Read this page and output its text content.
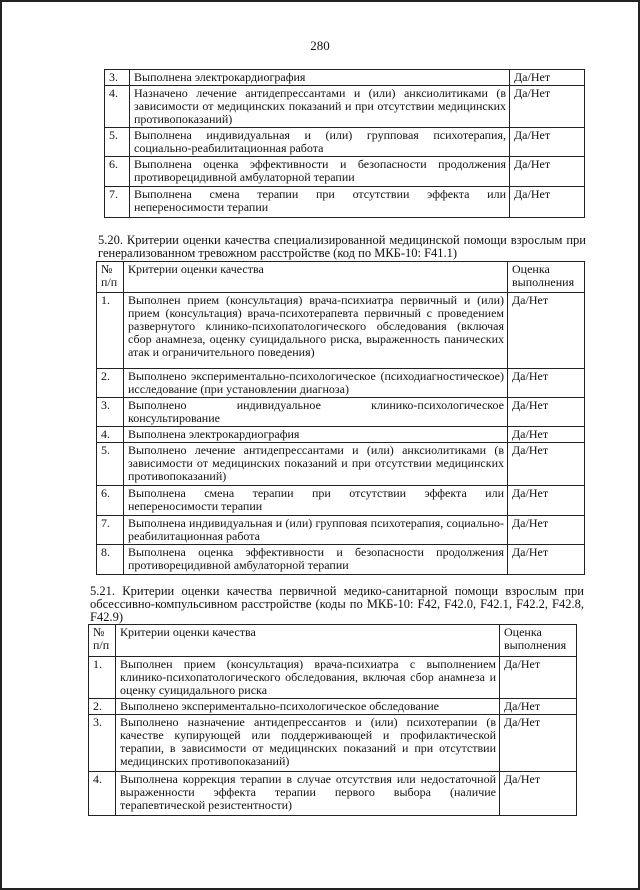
280
3.	Выполнена электрокардиография	Да/Нет
4.	Назначено лечение антидепрессантами и (или) анксиолитиками (в зависимости от медицинских показаний и при отсутствии медицинских противопоказаний)	Да/Нет
5.	Выполнена индивидуальная и (или) групповая психотерапия, социально-реабилитационная работа	Да/Нет
6.	Выполнена оценка эффективности и безопасности продолжения противорецидивной амбулаторной терапии	Да/Нет
7.	Выполнена смена терапии при отсутствии эффекта или непереносимости терапии	Да/Нет
5.20. Критерии оценки качества специализированной медицинской помощи взрослым при генерализованном тревожном расстройстве (код по МКБ-10: F41.1)
№ п/п	Критерии оценки качества	Оценка выполнения
1.	Выполнен прием (консультация) врача-психиатра первичный и (или) прием (консультация) врача-психотерапевта первичный с проведением развернутого клинико-психопатологического обследования (включая сбор анамнеза, оценку суицидального риска, выраженность панических атак и ограничительного поведения)	Да/Нет
2.	Выполнено экспериментально-психологическое (психодиагностическое) исследование (при установлении диагноза)	Да/Нет
3.	Выполнено индивидуальное клинико-психологическое консультирование	Да/Нет
4.	Выполнена электрокардиография	Да/Нет
5.	Выполнено лечение антидепрессантами и (или) анксиолитиками (в зависимости от медицинских показаний и при отсутствии медицинских противопоказаний)	Да/Нет
6.	Выполнена смена терапии при отсутствии эффекта или непереносимости терапии	Да/Нет
7.	Выполнена индивидуальная и (или) групповая психотерапия, социально-реабилитационная работа	Да/Нет
8.	Выполнена оценка эффективности и безопасности продолжения противорецидивной амбулаторной терапии	Да/Нет
5.21. Критерии оценки качества первичной медико-санитарной помощи взрослым при обсессивно-компульсивном расстройстве (коды по МКБ-10: F42, F42.0, F42.1, F42.2, F42.8, F42.9)
№ п/п	Критерии оценки качества	Оценка выполнения
1.	Выполнен прием (консультация) врача-психиатра с выполнением клинико-психопатологического обследования, включая сбор анамнеза и оценку суицидального риска	Да/Нет
2.	Выполнено экспериментально-психологическое обследование	Да/Нет
3.	Выполнено назначение антидепрессантов и (или) психотерапии (в качестве купирующей или поддерживающей и профилактической терапии, в зависимости от медицинских показаний и при отсутствии медицинских противопоказаний)	Да/Нет
4.	Выполнена коррекция терапии в случае отсутствия или недостаточной выраженности эффекта терапии первого выбора (наличие терапевтической резистентности)	Да/Нет
